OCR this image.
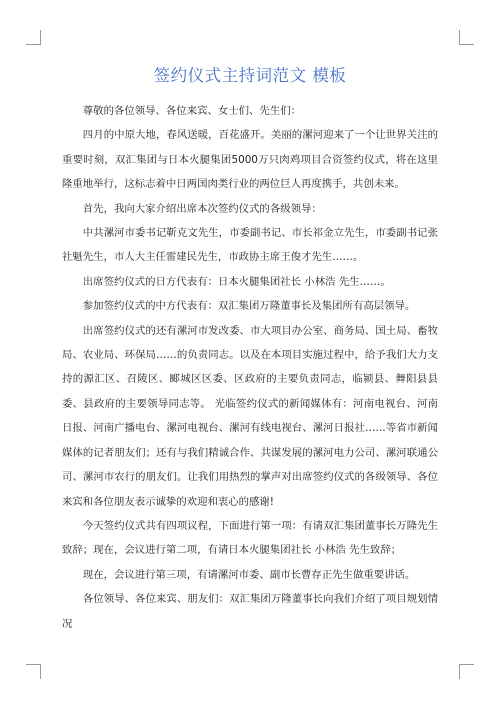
签约仪式主持词范文 模板

尊敬的各位领导、各位来宾、女士们、先生们：

四月的中原大地，春风送暖，百花盛开。美丽的漯河迎来了一个让世界关注的重要时刻，双汇集团与日本火腿集团5000万只肉鸡项目合资签约仪式，将在这里隆重地举行，这标志着中日两国肉类行业的两位巨人再度携手，共创未来。

首先，我向大家介绍出席本次签约仪式的各级领导：

中共漯河市委书记靳克文先生，市委副书记、市长祁金立先生，市委副书记张社魁先生，市人大主任雷建民先生，市政协主席王俊才先生……。

出席签约仪式的日方代表有：日本火腿集团社长 小林浩 先生……。

参加签约仪式的中方代表有：双汇集团万隆董事长及集团所有高层领导。

出席签约仪式的还有漯河市发改委、市大项目办公室、商务局、国土局、畜牧局、农业局、环保局……的负责同志。以及在本项目实施过程中，给予我们大力支持的源汇区、召陵区、郾城区区委、区政府的主要负责同志，临颍县、舞阳县县委、县政府的主要领导同志等。 光临签约仪式的新闻媒体有：河南电视台、河南日报、河南广播电台、漯河电视台、漯河有线电视台、漯河日报社……等省市新闻媒体的记者朋友们；还有与我们精诚合作、共谋发展的漯河电力公司、漯河联通公司、漯河市农行的朋友们。让我们用热烈的掌声对出席签约仪式的各级领导、各位来宾和各位朋友表示诚挚的欢迎和衷心的感谢!

今天签约仪式共有四项议程，下面进行第一项：有请双汇集团董事长万隆先生致辞；现在，会议进行第二项，有请日本火腿集团社长 小林浩 先生致辞；

现在，会议进行第三项，有请漯河市委、副市长曹存正先生做重要讲话。

各位领导、各位来宾、朋友们：双汇集团万隆董事长向我们介绍了项目规划情况
